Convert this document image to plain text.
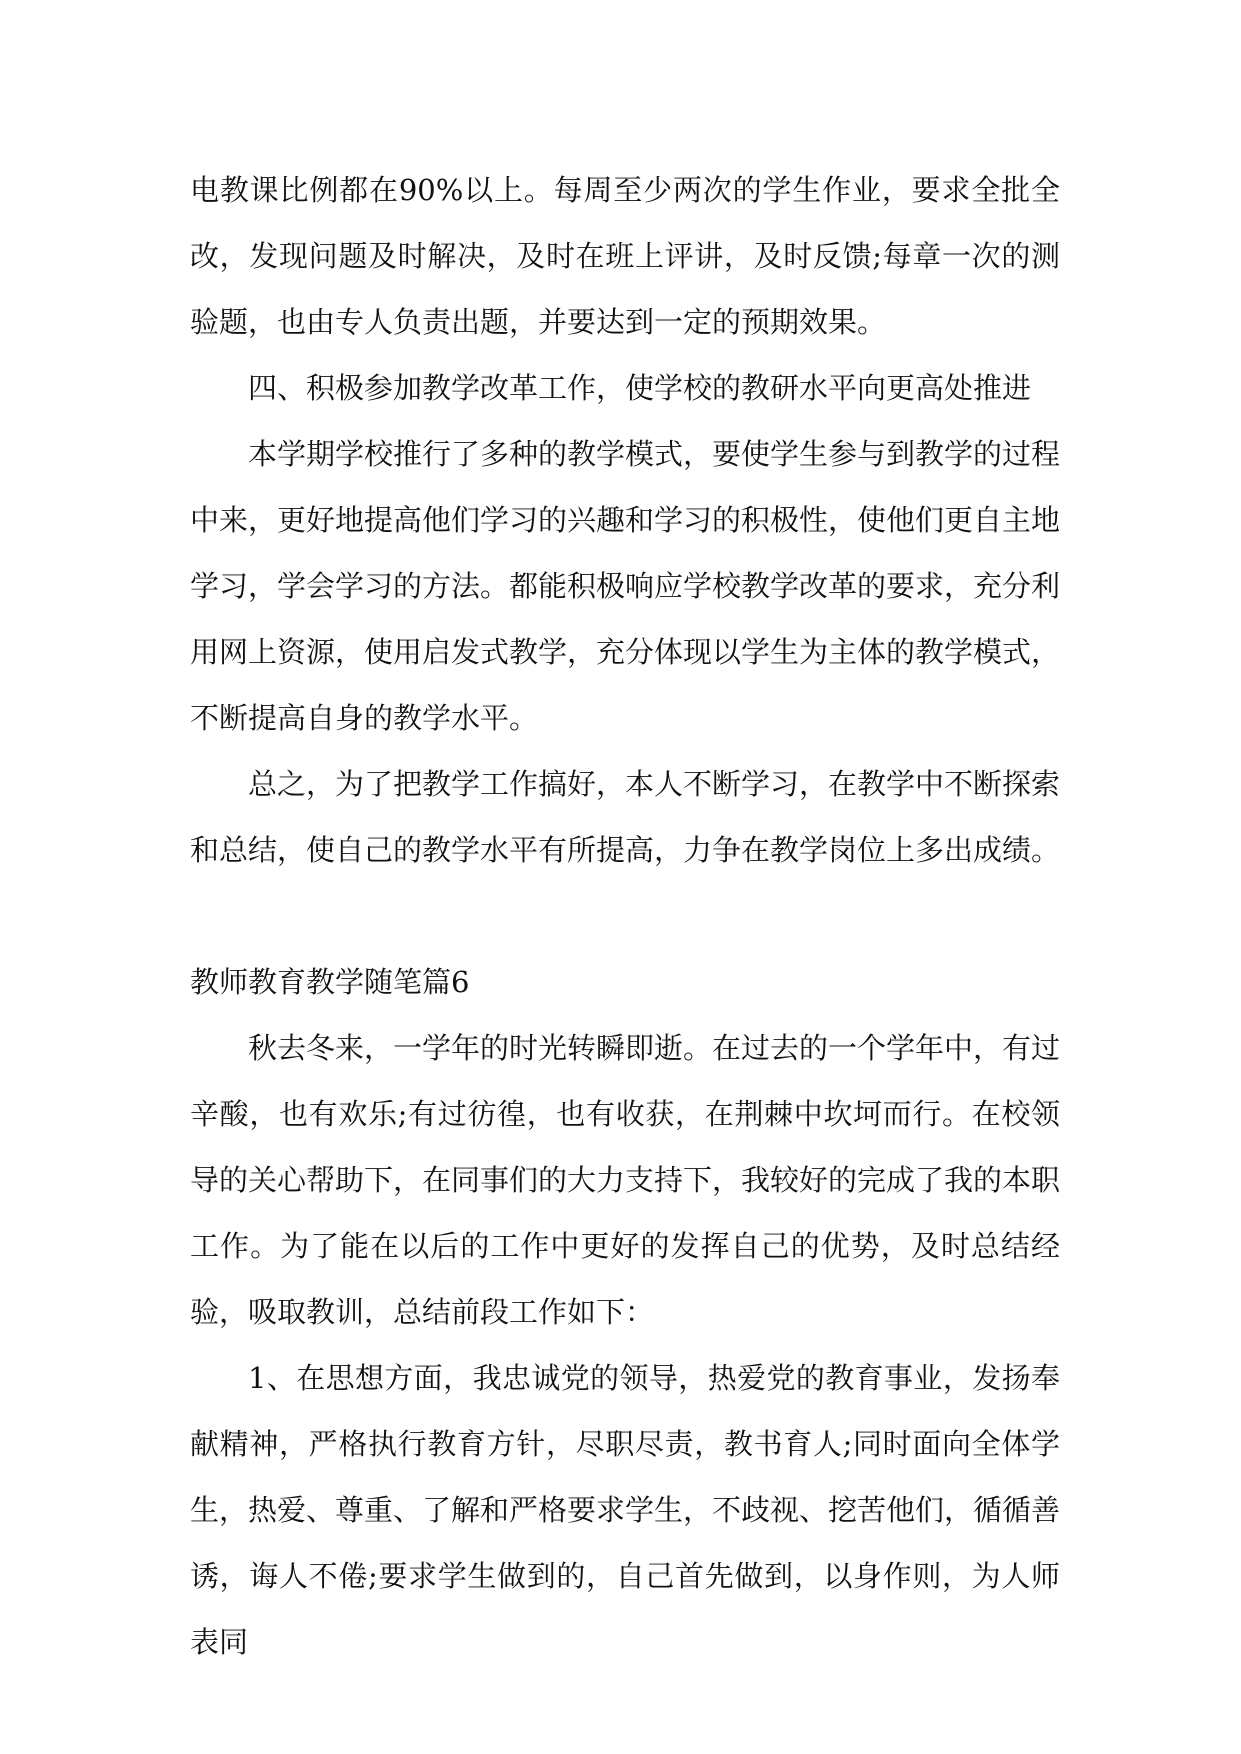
电教课比例都在90%以上。每周至少两次的学生作业，要求全批全改，发现问题及时解决，及时在班上评讲，及时反馈;每章一次的测验题，也由专人负责出题，并要达到一定的预期效果。

四、积极参加教学改革工作，使学校的教研水平向更高处推进

本学期学校推行了多种的教学模式，要使学生参与到教学的过程中来，更好地提高他们学习的兴趣和学习的积极性，使他们更自主地学习，学会学习的方法。都能积极响应学校教学改革的要求，充分利用网上资源，使用启发式教学，充分体现以学生为主体的教学模式，不断提高自身的教学水平。

总之，为了把教学工作搞好，本人不断学习，在教学中不断探索和总结，使自己的教学水平有所提高，力争在教学岗位上多出成绩。

教师教育教学随笔篇6

秋去冬来，一学年的时光转瞬即逝。在过去的一个学年中，有过辛酸，也有欢乐;有过彷徨，也有收获，在荆棘中坎坷而行。在校领导的关心帮助下，在同事们的大力支持下，我较好的完成了我的本职工作。为了能在以后的工作中更好的发挥自己的优势，及时总结经验，吸取教训，总结前段工作如下：

1、在思想方面，我忠诚党的领导，热爱党的教育事业，发扬奉献精神，严格执行教育方针，尽职尽责，教书育人;同时面向全体学生，热爱、尊重、了解和严格要求学生，不歧视、挖苦他们，循循善诱，诲人不倦;要求学生做到的，自己首先做到，以身作则，为人师表同
